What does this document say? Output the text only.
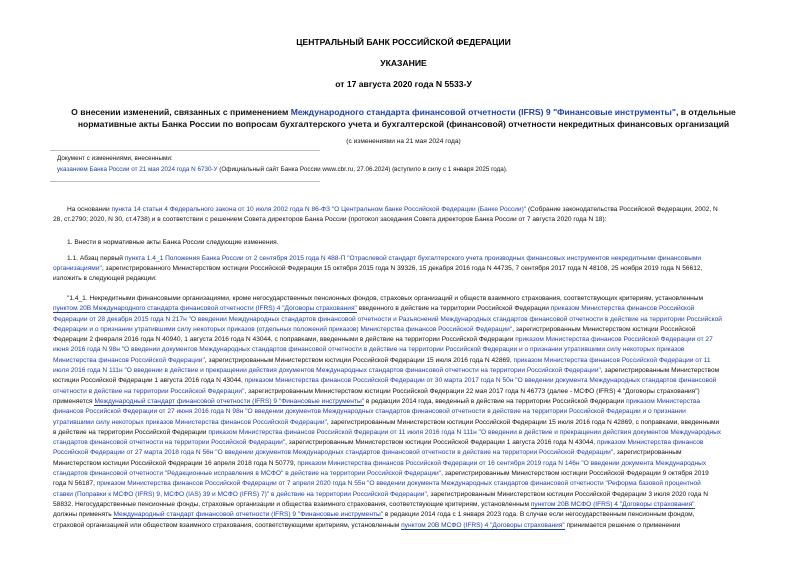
ЦЕНТРАЛЬНЫЙ БАНК РОССИЙСКОЙ ФЕДЕРАЦИИ
УКАЗАНИЕ
от 17 августа 2020 года N 5533-У
О внесении изменений, связанных с применением Международного стандарта финансовой отчетности (IFRS) 9 "Финансовые инструменты", в отдельные
нормативные акты Банка России по вопросам бухгалтерского учета и бухгалтерской (финансовой) отчетности некредитных финансовых организаций
(с изменениями на 21 мая 2024 года)
Документ с изменениями, внесенными:
указанием Банка России от 21 мая 2024 года N 6730-У (Официальный сайт Банка России www.cbr.ru, 27.06.2024) (вступило в силу с 1 января 2025 года).
На основании пункта 14 статьи 4 Федерального закона от 10 июля 2002 года N 86-ФЗ "О Центральном банке Российской Федерации (Банке России)" (Собрание законодательства Российской Федерации, 2002, N
28, ст.2790; 2020, N 30, ст.4738) и в соответствии с решением Совета директоров Банка России (протокол заседания Совета директоров Банка России от 7 августа 2020 года N 18):
1. Внести в нормативные акты Банка России следующие изменения.
1.1. Абзац первый пункта 1.4_1 Положения Банка России от 2 сентября 2015 года N 488-П "Отраслевой стандарт бухгалтерского учета производных финансовых инструментов некредитными финансовыми
организациями", зарегистрированного Министерством юстиции Российской Федерации 15 октября 2015 года N 39326, 15 декабря 2016 года N 44735, 7 сентября 2017 года N 48108, 25 ноября 2019 года N 56612,
изложить в следующей редакции:
"1.4_1. Некредитными финансовыми организациями, кроме негосударственных пенсионных фондов, страховых организаций и обществ взаимного страхования, соответствующих критериям, установленным
пунктом 20В Международного стандарта финансовой отчетности (IFRS) 4 "Договоры страхования" введенного в действие на территории Российской Федерации приказом Министерства финансов Российской
Федерации от 28 декабря 2015 года N 217н "О введении Международных стандартов финансовой отчетности и Разъяснений Международных стандартов финансовой отчетности в действие на территории Российской
Федерации и о признании утратившими силу некоторых приказов (отдельных положений приказов) Министерства финансов Российской Федерации", зарегистрированным Министерством юстиции Российской
Федерации 2 февраля 2016 года N 40940, 1 августа 2016 года N 43044, с поправками, введенными в действие на территории Российской Федерации приказом Министерства финансов Российской Федерации от 27
июня 2016 года N 98н "О введении документов Международных стандартов финансовой отчетности в действие на территории Российской Федерации и о признании утратившими силу некоторых приказов
Министерства финансов Российской Федерации", зарегистрированным Министерством юстиции Российской Федерации 15 июля 2016 года N 42869, приказом Министерства финансов Российской Федерации от 11
июля 2016 года N 111н "О введении в действие и прекращении действия документов Международных стандартов финансовой отчетности на территории Российской Федерации", зарегистрированным Министерством
юстиции Российской Федерации 1 августа 2016 года N 43044, приказом Министерства финансов Российской Федерации от 30 марта 2017 года N 50н "О введении документа Международных стандартов финансовой
отчетности в действие на территории Российской Федерации", зарегистрированным Министерством юстиции Российской Федерации 22 мая 2017 года N 46773 (далее - МСФО (IFRS) 4 "Договоры страхования")
применяется Международный стандарт финансовой отчетности (IFRS) 9 "Финансовые инструменты" в редакции 2014 года, введенный в действие на территории Российской Федерации приказом Министерства
финансов Российской Федерации от 27 июня 2016 года N 98н "О введении документов Международных стандартов финансовой отчетности в действие на территории Российской Федерации и о признании
утратившими силу некоторых приказов Министерства финансов Российской Федерации", зарегистрированным Министерством юстиции Российской Федерации 15 июля 2016 года N 42869, с поправками, введенными
в действие на территории Российской Федерации приказом Министерства финансов Российской Федерации от 11 июля 2016 года N 111н "О введении в действие и прекращении действия документов Международных
стандартов финансовой отчетности на территории Российской Федерации", зарегистрированным Министерством юстиции Российской Федерации 1 августа 2016 года N 43044, приказом Министерства финансов
Российской Федерации от 27 марта 2018 года N 56н "О введении документов Международных стандартов финансовой отчетности в действие на территории Российской Федерации", зарегистрированным
Министерством юстиции Российской Федерации 16 апреля 2018 года N 50779, приказом Министерства финансов Российской Федерации от 16 сентября 2019 года N 146н "О введении документа Международных
стандартов финансовой отчетности "Редакционные исправления в МСФО" в действие на территории Российской Федерации", зарегистрированным Министерством юстиции Российской Федерации 9 октября 2019
года N 56187, приказом Министерства финансов Российской Федерации от 7 апреля 2020 года N 55н "О введении документа Международных стандартов финансовой отчетности "Реформа базовой процентной
ставки (Поправки к МСФО (IFRS) 9, МСФО (IAS) 39 и МСФО (IFRS) 7)" в действие на территории Российской Федерации", зарегистрированным Министерством юстиции Российской Федерации 3 июля 2020 года N
58832. Негосударственные пенсионные фонды, страховые организации и общества взаимного страхования, соответствующие критериям, установленным пунктом 20В МСФО (IFRS) 4 "Договоры страхования"
должны применять Международный стандарт финансовой отчетности (IFRS) 9 "Финансовые инструменты" в редакции 2014 года с 1 января 2023 года. В случае если негосударственным пенсионным фондом,
страховой организацией или обществом взаимного страхования, соответствующими критериям, установленным пунктом 20В МСФО (IFRS) 4 "Договоры страхования" принимается решение о применении
